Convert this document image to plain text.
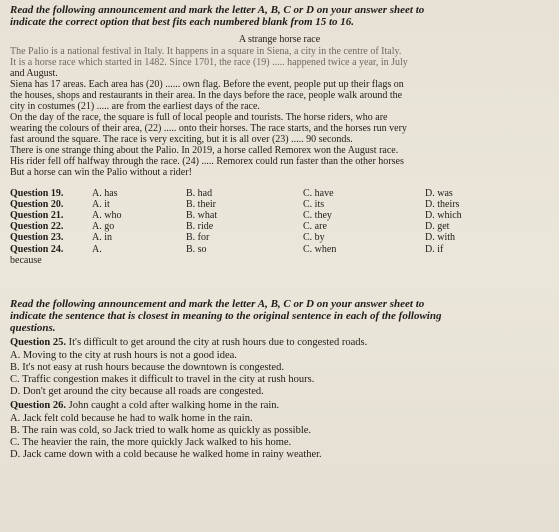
Read the following announcement and mark the letter A, B, C or D on your answer sheet to
indicate the correct option that best fits each numbered blank from 15 to 16.
A strange horse race
The Palio is a national festival in Italy. It happens in a square in Siena, a city in the centre of Italy.
It is a horse race which started in 1482. Since 1701, the race (19) ..... happened twice a year, in July
and August.
Siena has 17 areas. Each area has (20) ...... own flag. Before the event, people put up their flags on
the houses, shops and restaurants in their area. In the days before the race, people walk around the
city in costumes (21) ..... are from the earliest days of the race.
On the day of the race, the square is full of local people and tourists. The horse riders, who are
wearing the colours of their area, (22) ..... onto their horses. The race starts, and the horses run very
fast around the square. The race is very exciting, but it is all over (23) ..... 90 seconds.
There is one strange thing about the Palio. In 2019, a horse called Remorex won the August race.
His rider fell off halfway through the race. (24) ..... Remorex could run faster than the other horses
But a horse can win the Palio without a rider!
Question 19.	A. has	B. had	C. have	D. was
Question 20.	A. it	B. their	C. its	D. theirs
Question 21.	A. who	B. what	C. they	D. which
Question 22.	A. go	B. ride	C. are	D. get
Question 23.	A. in	B. for	C. by	D. with
Question 24.	A.	B. so	C. when	D. if
because
Read the following announcement and mark the letter A, B, C or D on your answer sheet to
indicate the sentence that is closest in meaning to the original sentence in each of the following
questions.
Question 25. It's difficult to get around the city at rush hours due to congested roads.
A. Moving to the city at rush hours is not a good idea.
B. It's not easy at rush hours because the downtown is congested.
C. Traffic congestion makes it difficult to travel in the city at rush hours.
D. Don't get around the city because all roads are congested.
Question 26. John caught a cold after walking home in the rain.
A. Jack felt cold because he had to walk home in the rain.
B. The rain was cold, so Jack tried to walk home as quickly as possible.
C. The heavier the rain, the more quickly Jack walked to his home.
D. Jack came down with a cold because he walked home in rainy weather.
